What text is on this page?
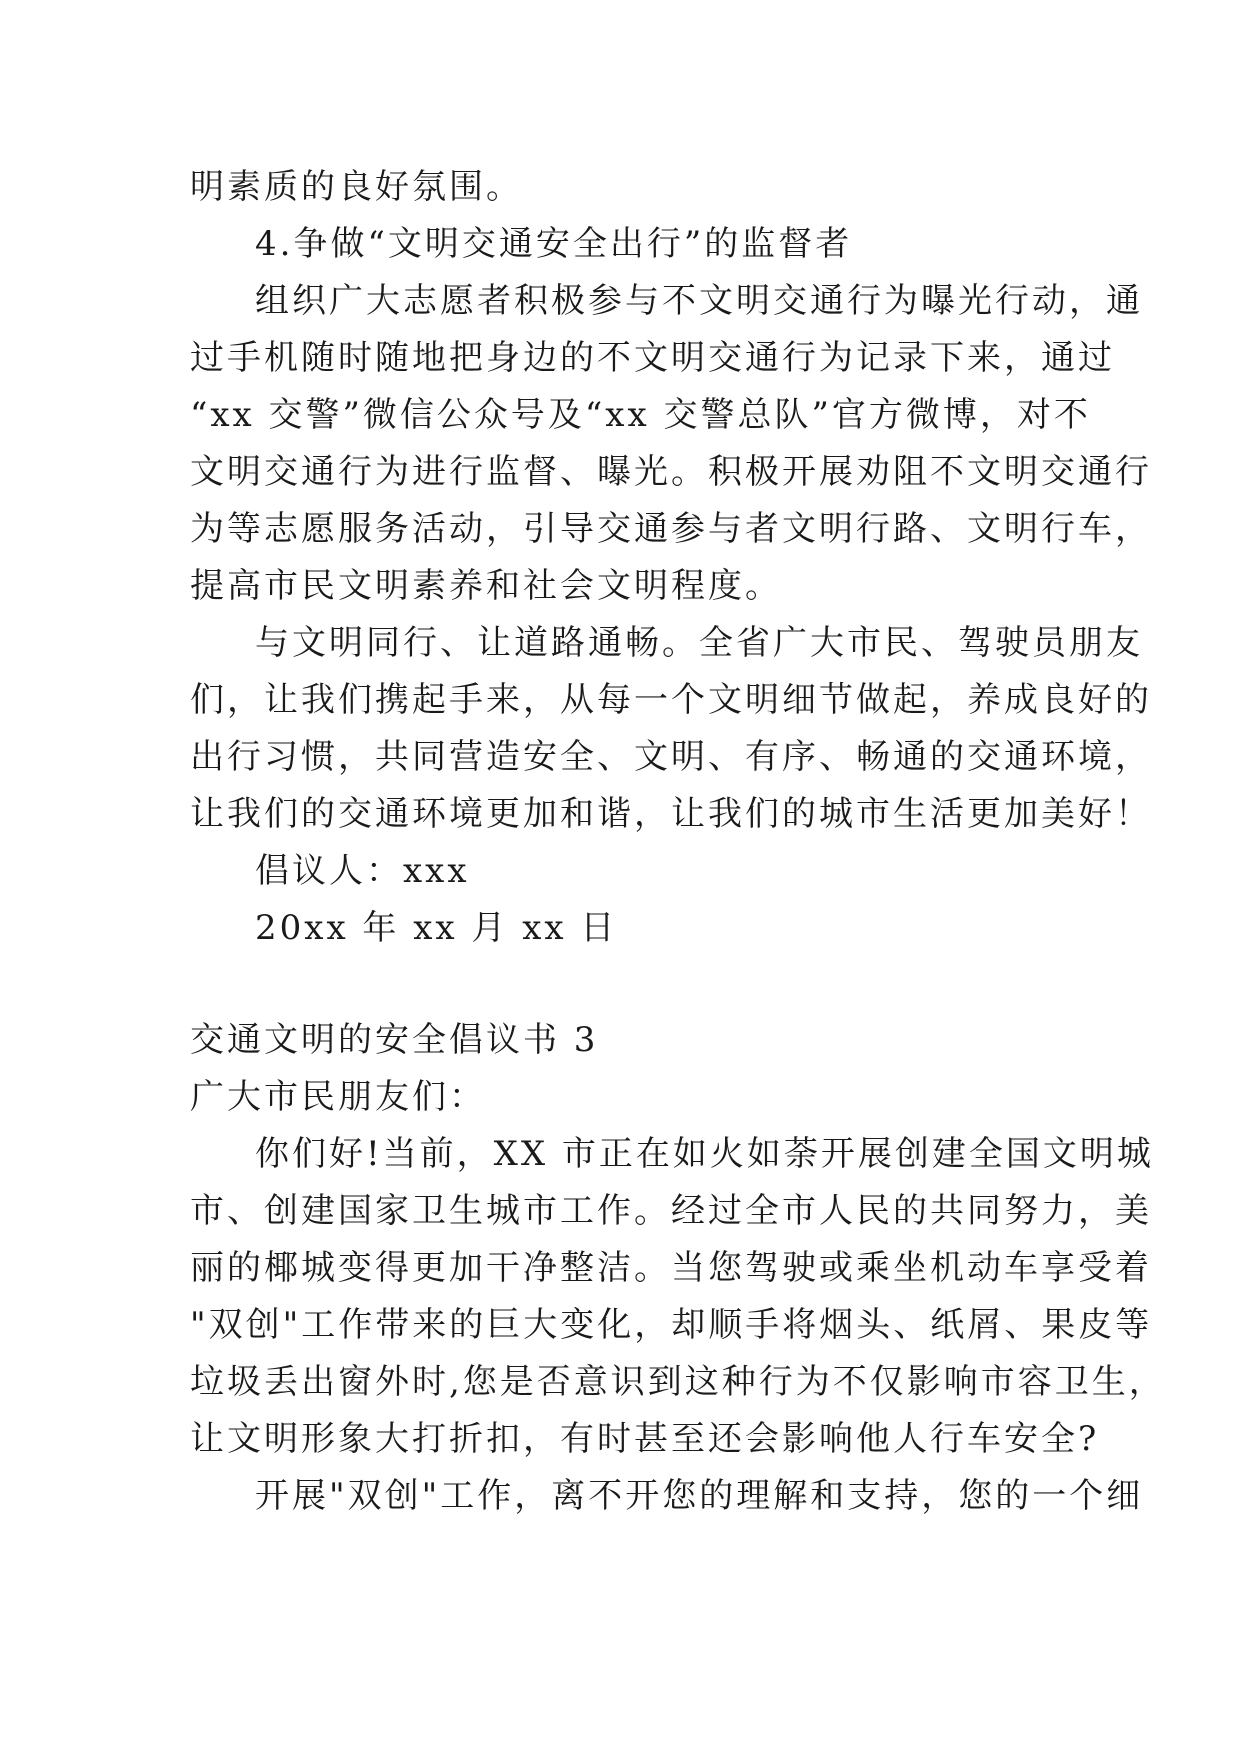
明素质的良好氛围。
4.争做“文明交通安全出行”的监督者
组织广大志愿者积极参与不文明交通行为曝光行动，通
过手机随时随地把身边的不文明交通行为记录下来，通过
“xx 交警”微信公众号及“xx 交警总队”官方微博，对不
文明交通行为进行监督、曝光。积极开展劝阻不文明交通行
为等志愿服务活动，引导交通参与者文明行路、文明行车，
提高市民文明素养和社会文明程度。
与文明同行、让道路通畅。全省广大市民、驾驶员朋友
们，让我们携起手来，从每一个文明细节做起，养成良好的
出行习惯，共同营造安全、文明、有序、畅通的交通环境，
让我们的交通环境更加和谐，让我们的城市生活更加美好！
倡议人：xxx
20xx 年 xx 月 xx 日
交通文明的安全倡议书 3
广大市民朋友们：
你们好!当前，XX 市正在如火如荼开展创建全国文明城
市、创建国家卫生城市工作。经过全市人民的共同努力，美
丽的椰城变得更加干净整洁。当您驾驶或乘坐机动车享受着
"双创"工作带来的巨大变化，却顺手将烟头、纸屑、果皮等
垃圾丢出窗外时,您是否意识到这种行为不仅影响市容卫生，
让文明形象大打折扣，有时甚至还会影响他人行车安全?
开展"双创"工作，离不开您的理解和支持，您的一个细
